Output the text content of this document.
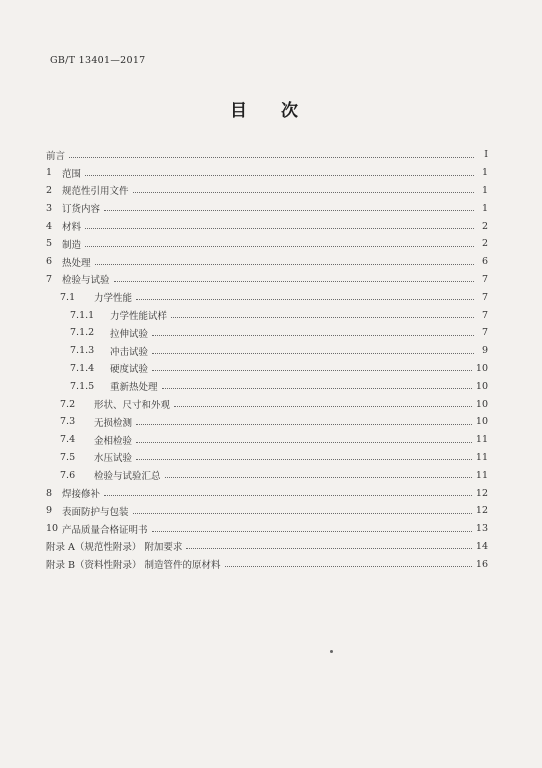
GB/T 13401—2017
目 次
前言	Ⅰ
1	范围	1
2	规范性引用文件	1
3	订货内容	1
4	材料	2
5	制造	2
6	热处理	6
7	检验与试验	7
7.1	力学性能	7
7.1.1	力学性能试样	7
7.1.2	拉伸试验	7
7.1.3	冲击试验	9
7.1.4	硬度试验	10
7.1.5	重新热处理	10
7.2	形状、尺寸和外观	10
7.3	无损检测	10
7.4	金相检验	11
7.5	水压试验	11
7.6	检验与试验汇总	11
8	焊接修补	12
9	表面防护与包装	12
10 产品质量合格证明书	13
附录 A（规范性附录） 附加要求	14
附录 B（资料性附录） 制造管件的原材料	16
